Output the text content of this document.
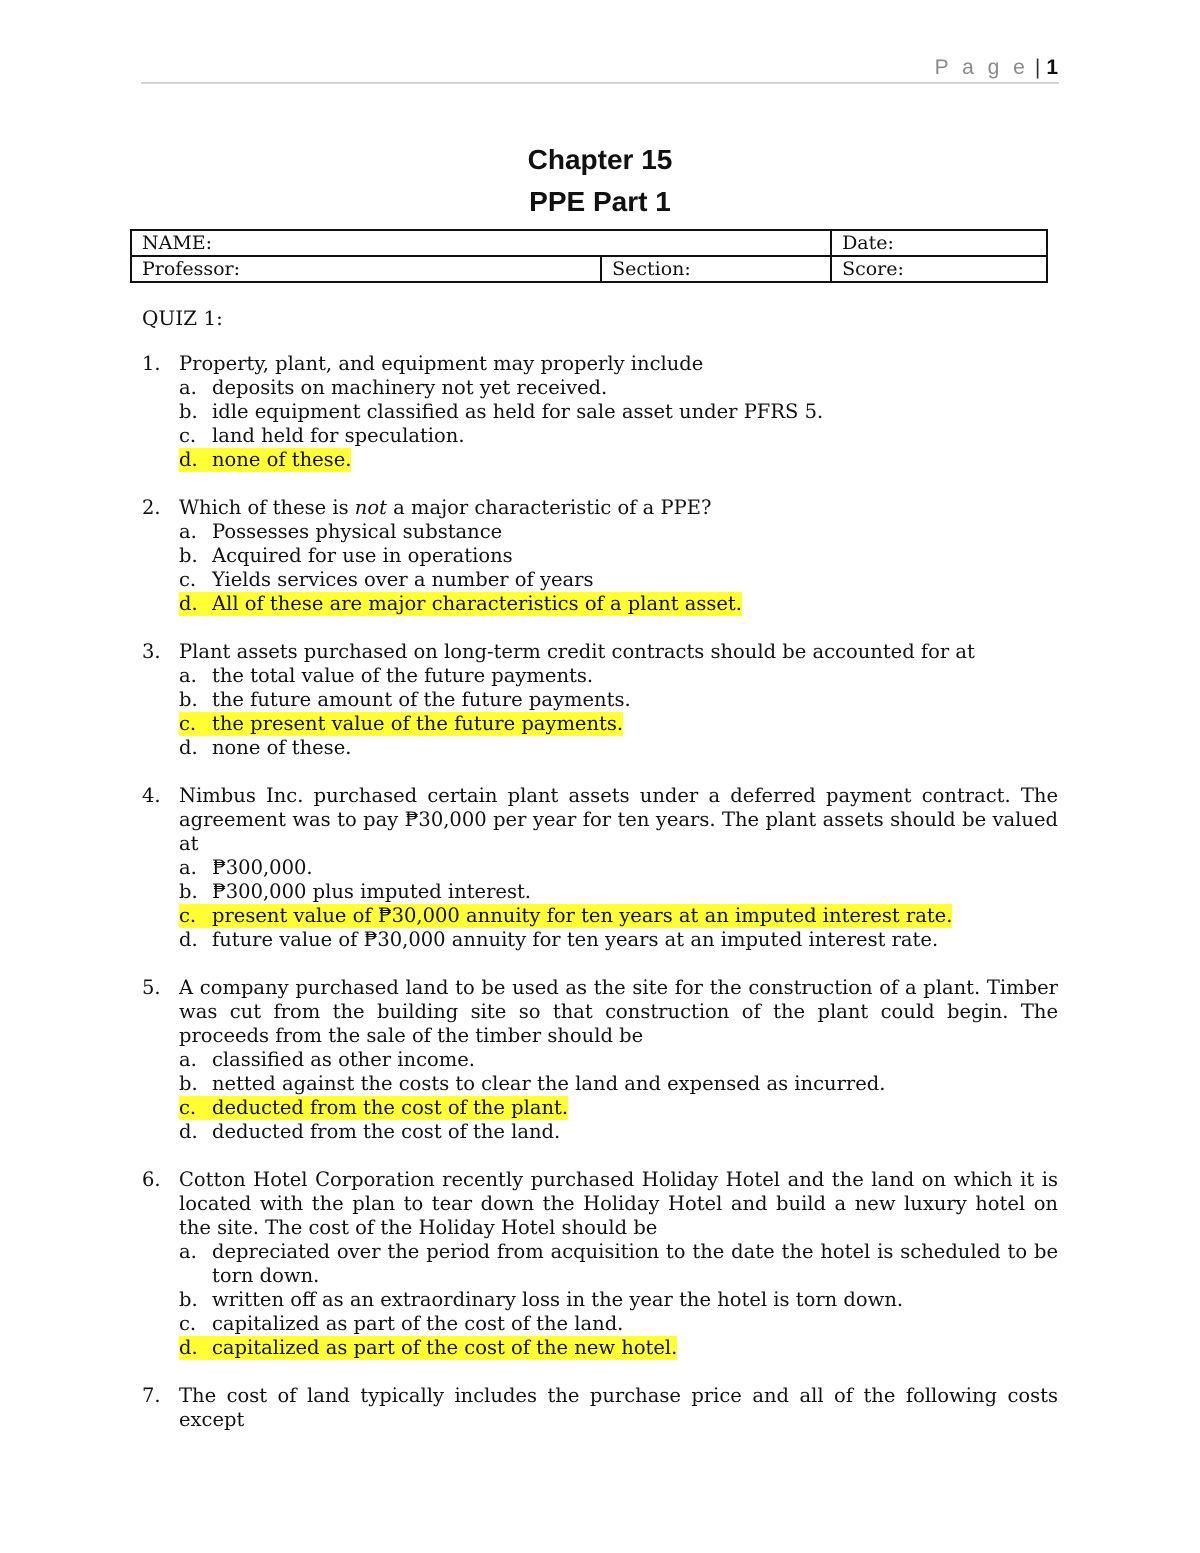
P a g e | 1
Chapter 15
PPE Part 1
NAME:		Date:
Professor:	Section:	Score:
QUIZ 1:
1. Property, plant, and equipment may properly include
a. deposits on machinery not yet received.
b. idle equipment classified as held for sale asset under PFRS 5.
c. land held for speculation.
d. none of these.
2. Which of these is not a major characteristic of a PPE?
a. Possesses physical substance
b. Acquired for use in operations
c. Yields services over a number of years
d. All of these are major characteristics of a plant asset.
3. Plant assets purchased on long-term credit contracts should be accounted for at
a. the total value of the future payments.
b. the future amount of the future payments.
c. the present value of the future payments.
d. none of these.
4. Nimbus Inc. purchased certain plant assets under a deferred payment contract. The agreement was to pay ₱30,000 per year for ten years. The plant assets should be valued at
a. ₱300,000.
b. ₱300,000 plus imputed interest.
c. present value of ₱30,000 annuity for ten years at an imputed interest rate.
d. future value of ₱30,000 annuity for ten years at an imputed interest rate.
5. A company purchased land to be used as the site for the construction of a plant. Timber was cut from the building site so that construction of the plant could begin. The proceeds from the sale of the timber should be
a. classified as other income.
b. netted against the costs to clear the land and expensed as incurred.
c. deducted from the cost of the plant.
d. deducted from the cost of the land.
6. Cotton Hotel Corporation recently purchased Holiday Hotel and the land on which it is located with the plan to tear down the Holiday Hotel and build a new luxury hotel on the site. The cost of the Holiday Hotel should be
a. depreciated over the period from acquisition to the date the hotel is scheduled to be torn down.
b. written off as an extraordinary loss in the year the hotel is torn down.
c. capitalized as part of the cost of the land.
d. capitalized as part of the cost of the new hotel.
7. The cost of land typically includes the purchase price and all of the following costs except
